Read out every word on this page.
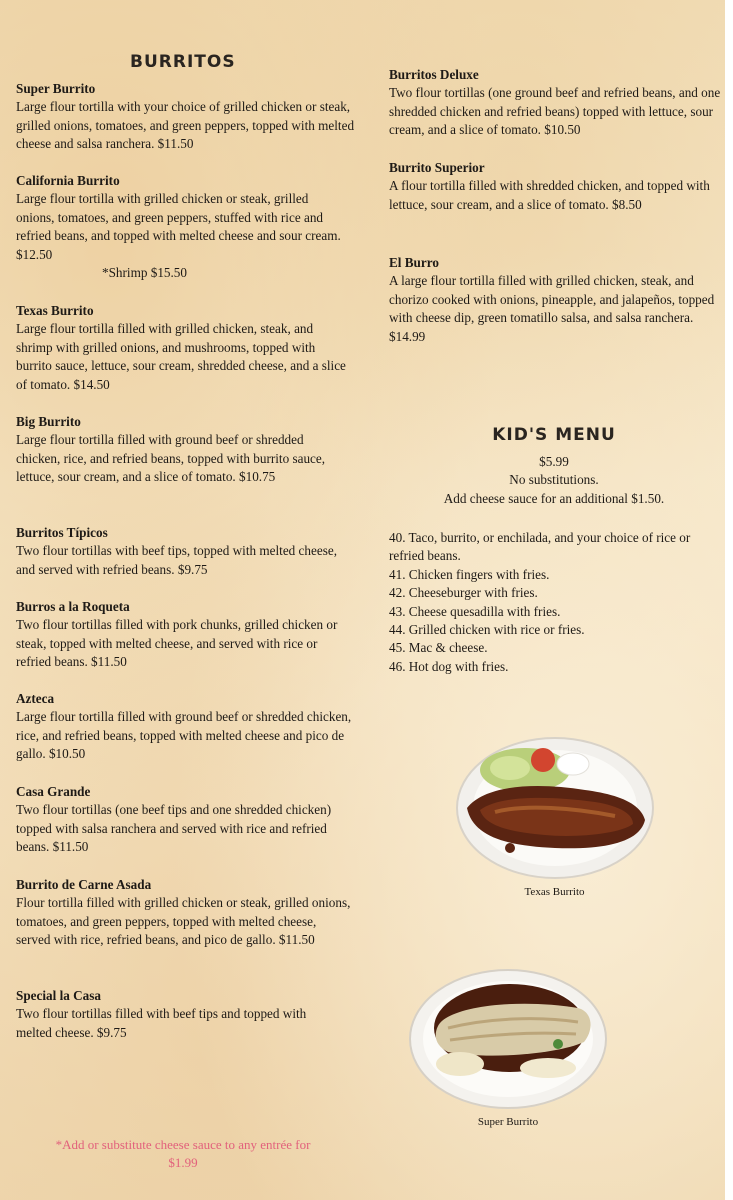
BURRITOS
Super Burrito
Large flour tortilla with your choice of grilled chicken or steak, grilled onions, tomatoes, and green peppers, topped with melted cheese and salsa ranchera. $11.50
California Burrito
Large flour tortilla with grilled chicken or steak, grilled onions, tomatoes, and green peppers, stuffed with rice and refried beans, and topped with melted cheese and sour cream. $12.50
*Shrimp $15.50
Texas Burrito
Large flour tortilla filled with grilled chicken, steak, and shrimp with grilled onions, and mushrooms, topped with burrito sauce, lettuce, sour cream, shredded cheese, and a slice of tomato. $14.50
Big Burrito
Large flour tortilla filled with ground beef or shredded chicken, rice, and refried beans, topped with burrito sauce, lettuce, sour cream, and a slice of tomato. $10.75
Burritos Típicos
Two flour tortillas with beef tips, topped with melted cheese, and served with refried beans. $9.75
Burros a la Roqueta
Two flour tortillas filled with pork chunks, grilled chicken or steak, topped with melted cheese, and served with rice or refried beans. $11.50
Azteca
Large flour tortilla filled with ground beef or shredded chicken, rice, and refried beans, topped with melted cheese and pico de gallo. $10.50
Casa Grande
Two flour tortillas (one beef tips and one shredded chicken) topped with salsa ranchera and served with rice and refried beans. $11.50
Burrito de Carne Asada
Flour tortilla filled with grilled chicken or steak, grilled onions, tomatoes, and green peppers, topped with melted cheese, served with rice, refried beans, and pico de gallo. $11.50
Special la Casa
Two flour tortillas filled with beef tips and topped with melted cheese. $9.75
Burritos Deluxe
Two flour tortillas (one ground beef and refried beans, and one shredded chicken and refried beans) topped with lettuce, sour cream, and a slice of tomato. $10.50
Burrito Superior
A flour tortilla filled with shredded chicken, and topped with lettuce, sour cream, and a slice of tomato. $8.50
El Burro
A large flour tortilla filled with grilled chicken, steak, and chorizo cooked with onions, pineapple, and jalapeños, topped with cheese dip, green tomatillo salsa, and salsa ranchera. $14.99
KID'S MENU
$5.99
No substitutions.
Add cheese sauce for an additional $1.50.
40. Taco, burrito, or enchilada, and your choice of rice or refried beans.
41. Chicken fingers with fries.
42. Cheeseburger with fries.
43. Cheese quesadilla with fries.
44. Grilled chicken with rice or fries.
45. Mac & cheese.
46. Hot dog with fries.
Texas Burrito
Super Burrito
*Add or substitute cheese sauce to any entrée for
$1.99
